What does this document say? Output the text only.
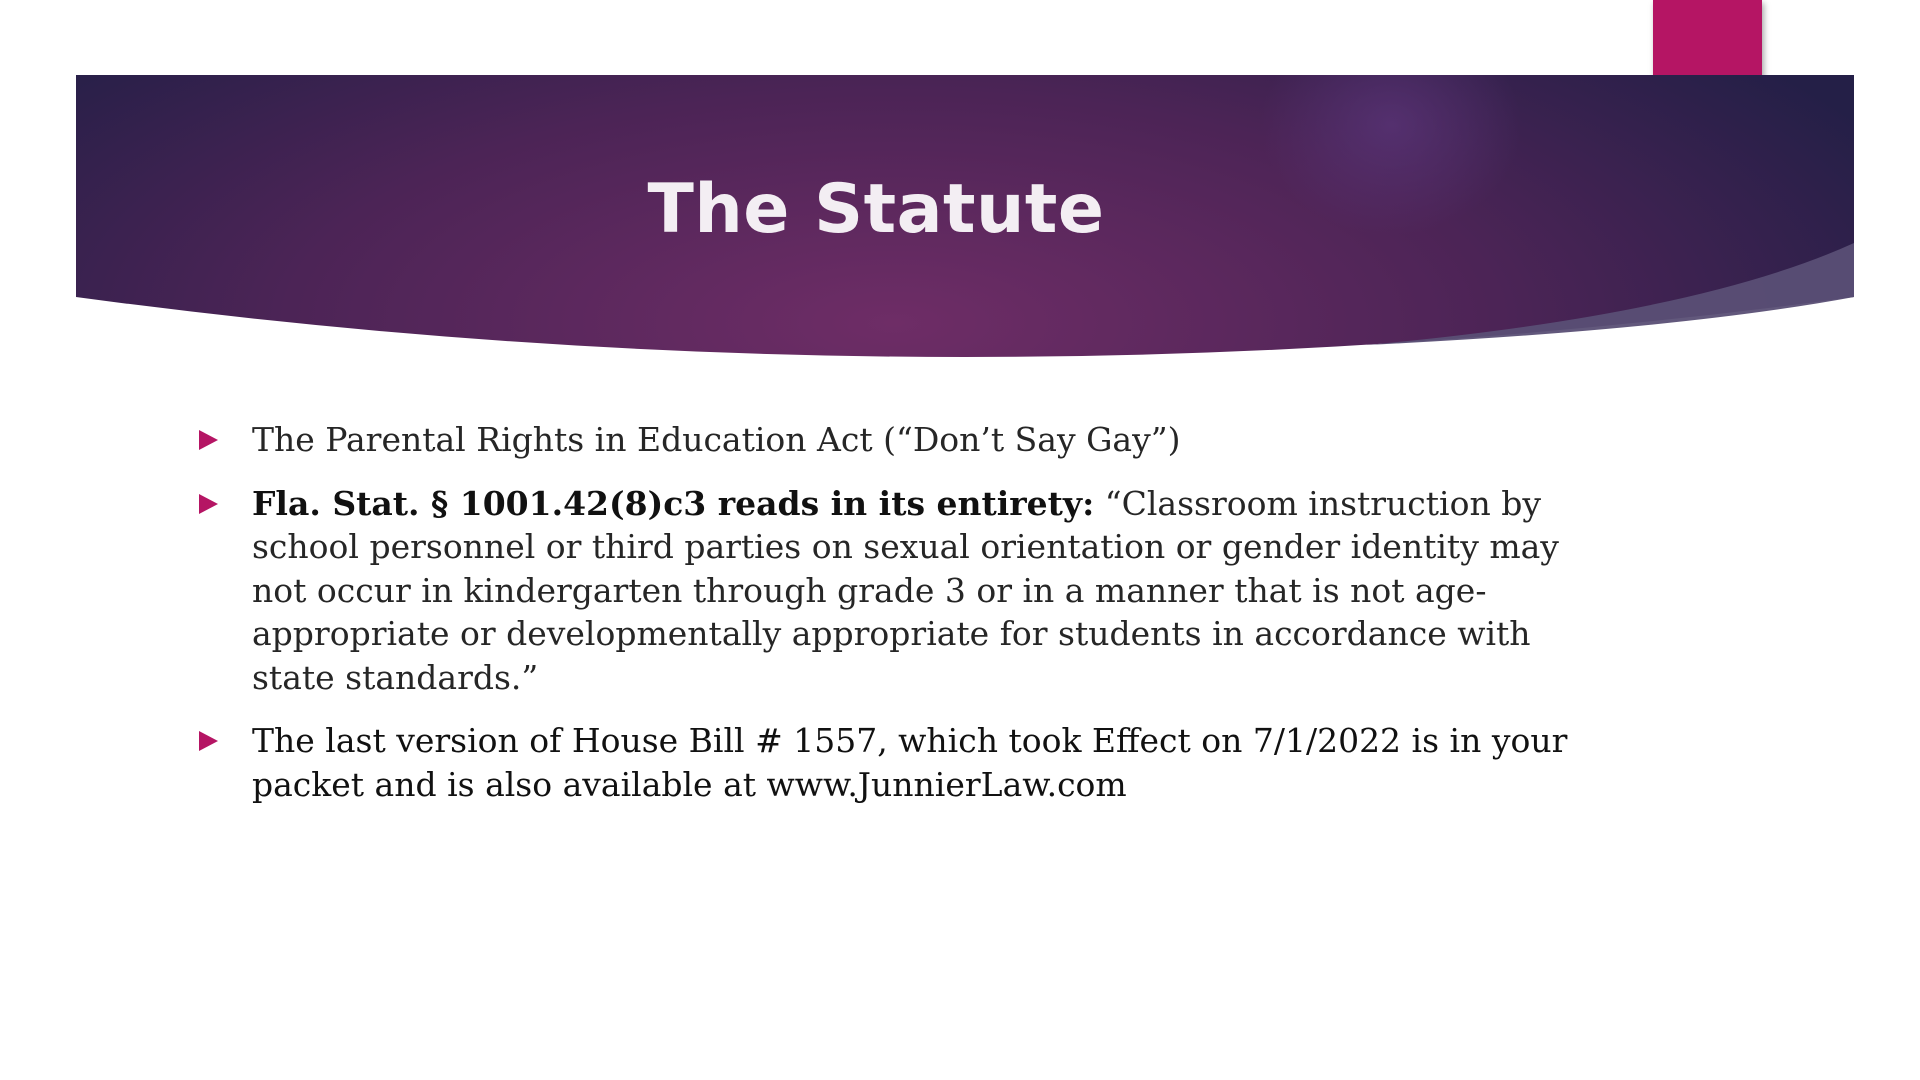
The Statute
The Parental Rights in Education Act (“Don’t Say Gay”)
Fla. Stat. § 1001.42(8)c3 reads in its entirety: “Classroom instruction by school personnel or third parties on sexual orientation or gender identity may not occur in kindergarten through grade 3 or in a manner that is not age-appropriate or developmentally appropriate for students in accordance with state standards.”
The last version of House Bill # 1557, which took Effect on 7/1/2022 is in your packet and is also available at www.JunnierLaw.com
